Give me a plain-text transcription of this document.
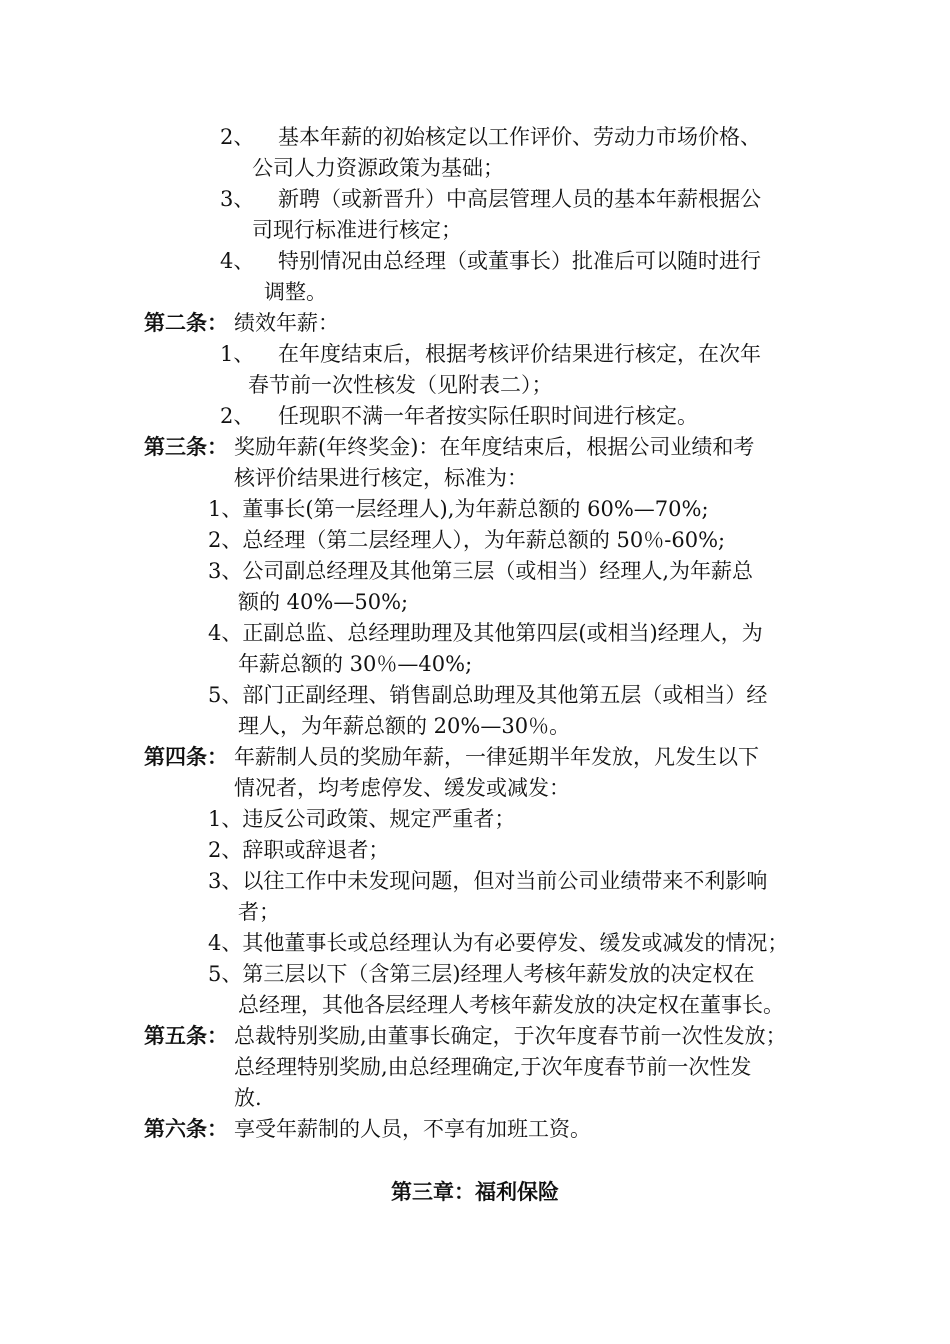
2、 基本年薪的初始核定以工作评价、劳动力市场价格、
公司人力资源政策为基础；
3、 新聘（或新晋升）中高层管理人员的基本年薪根据公
司现行标准进行核定；
4、 特别情况由总经理（或董事长）批准后可以随时进行
调整。
第二条： 绩效年薪：
1、 在年度结束后，根据考核评价结果进行核定，在次年
春节前一次性核发（见附表二）；
2、 任现职不满一年者按实际任职时间进行核定。
第三条： 奖励年薪(年终奖金)：在年度结束后，根据公司业绩和考
核评价结果进行核定，标准为：
1、董事长(第一层经理人),为年薪总额的 60%—70%;
2、总经理（第二层经理人），为年薪总额的 50％-60%;
3、公司副总经理及其他第三层（或相当）经理人,为年薪总
额的 40%—50%;
4、正副总监、总经理助理及其他第四层(或相当)经理人，为
年薪总额的 30％—40%;
5、部门正副经理、销售副总助理及其他第五层（或相当）经
理人，为年薪总额的 20%—30％。
第四条： 年薪制人员的奖励年薪，一律延期半年发放，凡发生以下
情况者，均考虑停发、缓发或减发：
1、违反公司政策、规定严重者；
2、辞职或辞退者；
3、以往工作中未发现问题，但对当前公司业绩带来不利影响
者；
4、其他董事长或总经理认为有必要停发、缓发或减发的情况；
5、第三层以下（含第三层)经理人考核年薪发放的决定权在
总经理，其他各层经理人考核年薪发放的决定权在董事长。
第五条： 总裁特别奖励,由董事长确定，于次年度春节前一次性发放；
总经理特别奖励,由总经理确定,于次年度春节前一次性发
放.
第六条： 享受年薪制的人员，不享有加班工资。
第三章：福利保险
